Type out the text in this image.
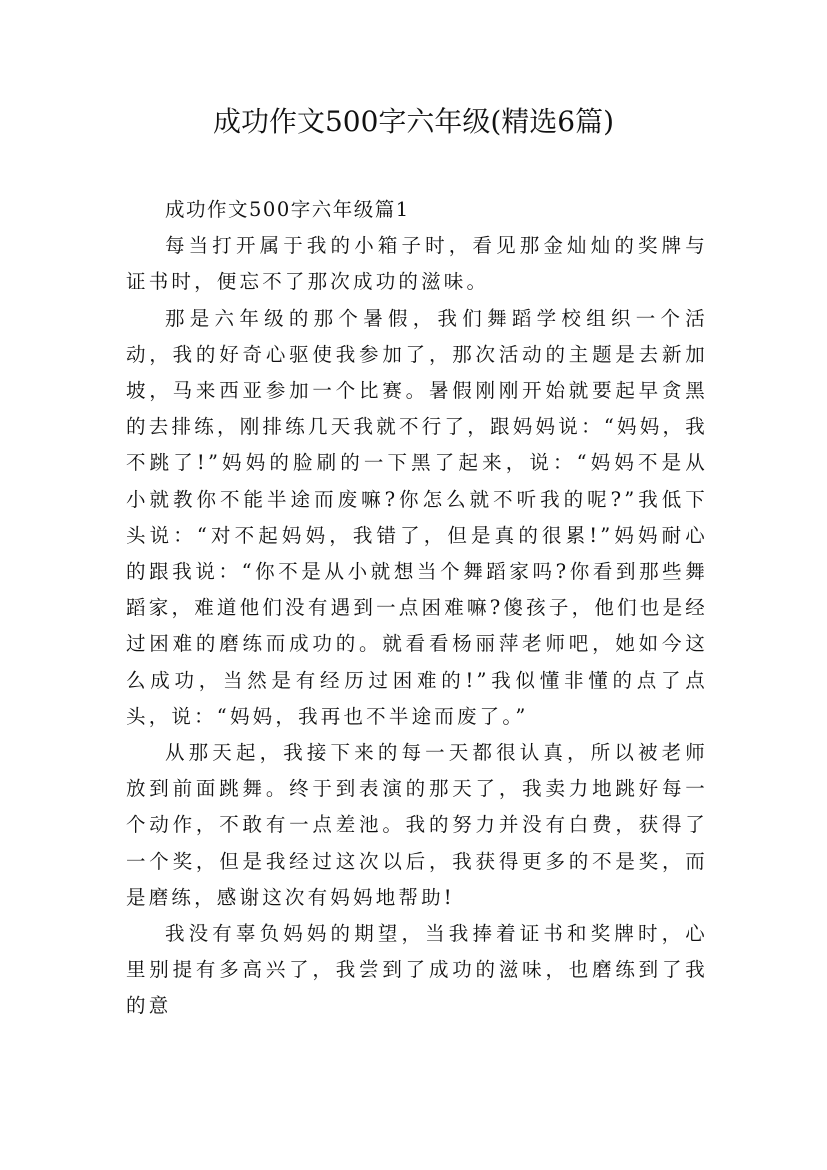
成功作文500字六年级(精选6篇)

成功作文500字六年级篇1

每当打开属于我的小箱子时，看见那金灿灿的奖牌与证书时，便忘不了那次成功的滋味。

那是六年级的那个暑假，我们舞蹈学校组织一个活动，我的好奇心驱使我参加了，那次活动的主题是去新加坡，马来西亚参加一个比赛。暑假刚刚开始就要起早贪黑的去排练，刚排练几天我就不行了，跟妈妈说：“妈妈，我不跳了!”妈妈的脸刷的一下黑了起来，说：“妈妈不是从小就教你不能半途而废嘛?你怎么就不听我的呢?”我低下头说：“对不起妈妈，我错了，但是真的很累!”妈妈耐心的跟我说：“你不是从小就想当个舞蹈家吗?你看到那些舞蹈家，难道他们没有遇到一点困难嘛?傻孩子，他们也是经过困难的磨练而成功的。就看看杨丽萍老师吧，她如今这么成功，当然是有经历过困难的!”我似懂非懂的点了点头，说：“妈妈，我再也不半途而废了。”

从那天起，我接下来的每一天都很认真，所以被老师放到前面跳舞。终于到表演的那天了，我卖力地跳好每一个动作，不敢有一点差池。我的努力并没有白费，获得了一个奖，但是我经过这次以后，我获得更多的不是奖，而是磨练，感谢这次有妈妈地帮助!

我没有辜负妈妈的期望，当我捧着证书和奖牌时，心里别提有多高兴了，我尝到了成功的滋味，也磨练到了我的意
